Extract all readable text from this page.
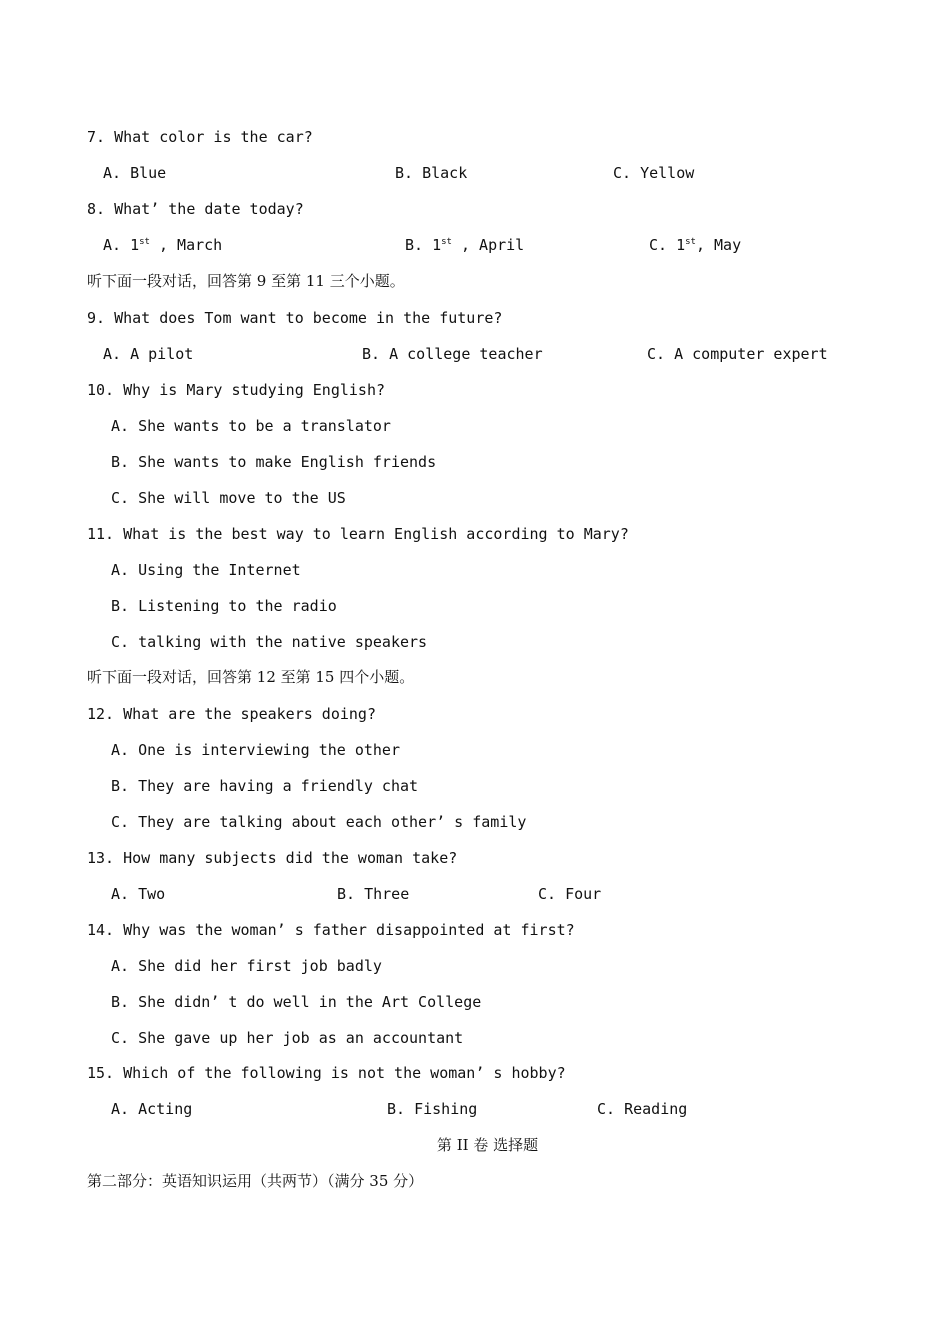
7. What color is the car?
A. Blue	B. Black	C. Yellow
8. What’ the date today?
A. 1st , March	B. 1st , April	C. 1st, May
听下面一段对话，回答第 9 至第 11 三个小题。
9. What does Tom want to become in the future?
A. A pilot	B. A college teacher	C. A computer expert
10. Why is Mary studying English?
A. She wants to be a translator
B. She wants to make English friends
C. She will move to the US
11. What is the best way to learn English according to Mary?
A. Using the Internet
B. Listening to the radio
C. talking with the native speakers
听下面一段对话，回答第 12 至第 15 四个小题。
12. What are the speakers doing?
A. One is interviewing the other
B. They are having a friendly chat
C. They are talking about each other’ s family
13. How many subjects did the woman take?
A. Two	B. Three	C. Four
14. Why was the woman’ s father disappointed at first?
A. She did her first job badly
B. She didn’ t do well in the Art College
C. She gave up her job as an accountant
15. Which of the following is not the woman’ s hobby?
A. Acting	B. Fishing	C. Reading
第 II 卷 选择题
第二部分：英语知识运用（共两节）（满分 35 分）
